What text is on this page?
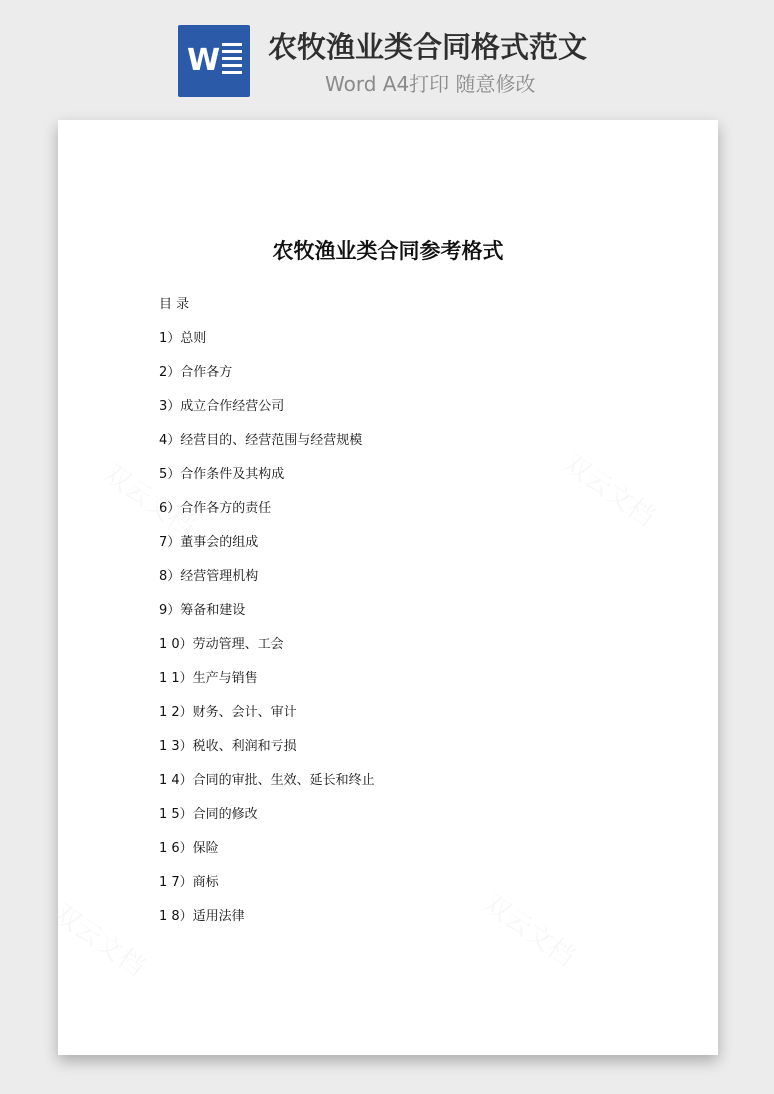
W 农牧渔业类合同格式范文
Word A4打印 随意修改
农牧渔业类合同参考格式
目 录
1）总则
2）合作各方
3）成立合作经营公司
4）经营目的、经营范围与经营规模
5）合作条件及其构成
6）合作各方的责任
7）董事会的组成
8）经营管理机构
9）筹备和建设
1 0）劳动管理、工会
1 1）生产与销售
1 2）财务、会计、审计
1 3）税收、利润和亏损
1 4）合同的审批、生效、延长和终止
1 5）合同的修改
1 6）保险
1 7）商标
1 8）适用法律
